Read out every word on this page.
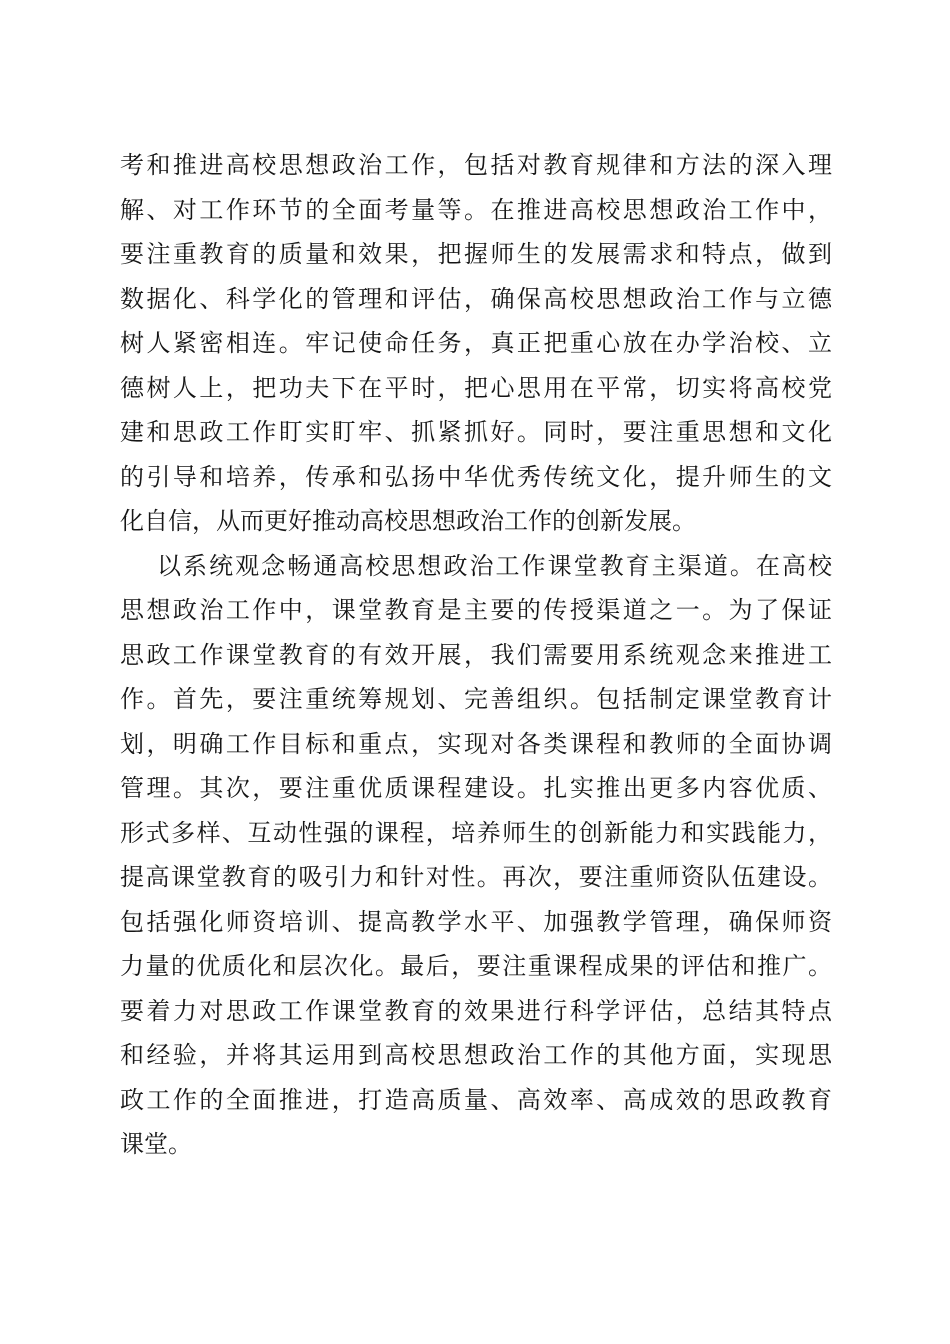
考和推进高校思想政治工作，包括对教育规律和方法的深入理
解、对工作环节的全面考量等。在推进高校思想政治工作中，
要注重教育的质量和效果，把握师生的发展需求和特点，做到
数据化、科学化的管理和评估，确保高校思想政治工作与立德
树人紧密相连。牢记使命任务，真正把重心放在办学治校、立
德树人上，把功夫下在平时，把心思用在平常，切实将高校党
建和思政工作盯实盯牢、抓紧抓好。同时，要注重思想和文化
的引导和培养，传承和弘扬中华优秀传统文化，提升师生的文
化自信，从而更好推动高校思想政治工作的创新发展。
以系统观念畅通高校思想政治工作课堂教育主渠道。在高校
思想政治工作中，课堂教育是主要的传授渠道之一。为了保证
思政工作课堂教育的有效开展，我们需要用系统观念来推进工
作。首先，要注重统筹规划、完善组织。包括制定课堂教育计
划，明确工作目标和重点，实现对各类课程和教师的全面协调
管理。其次，要注重优质课程建设。扎实推出更多内容优质、
形式多样、互动性强的课程，培养师生的创新能力和实践能力，
提高课堂教育的吸引力和针对性。再次，要注重师资队伍建设。
包括强化师资培训、提高教学水平、加强教学管理，确保师资
力量的优质化和层次化。最后，要注重课程成果的评估和推广。
要着力对思政工作课堂教育的效果进行科学评估，总结其特点
和经验，并将其运用到高校思想政治工作的其他方面，实现思
政工作的全面推进，打造高质量、高效率、高成效的思政教育
课堂。
